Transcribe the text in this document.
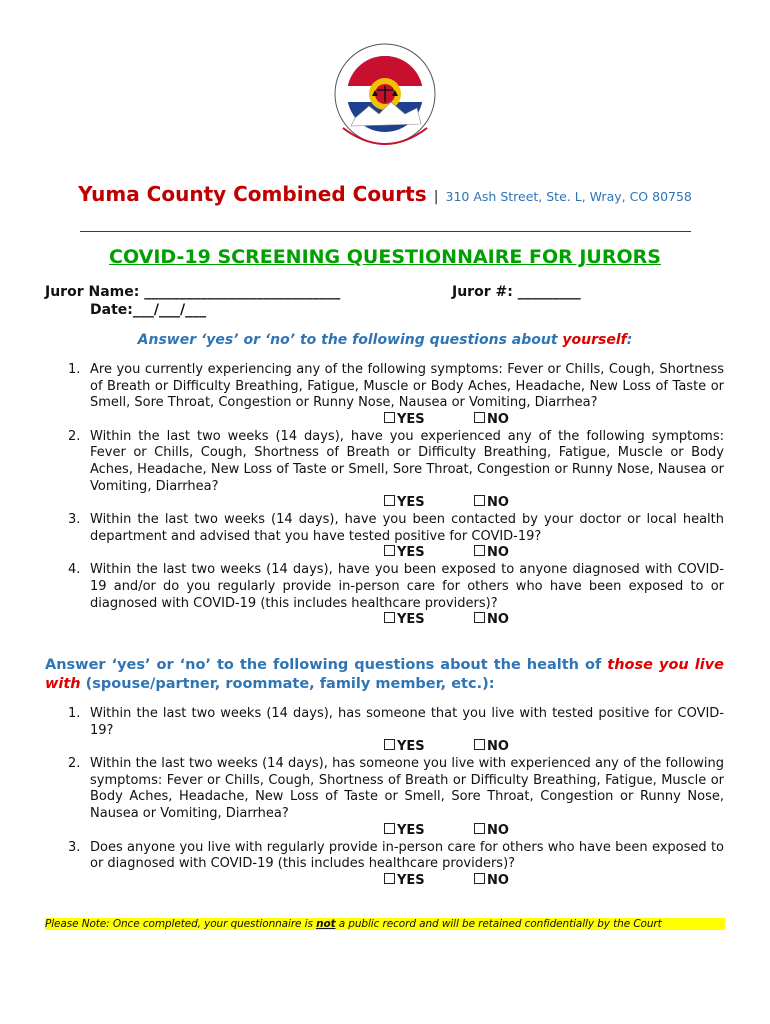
Yuma County Combined Courts | 310 Ash Street, Ste. L, Wray, CO 80758
COVID-19 SCREENING QUESTIONNAIRE FOR JURORS
Juror Name: ____________________________	Juror #: _________
Date:___/___/___
Answer ‘yes’ or ‘no’ to the following questions about yourself:
1. Are you currently experiencing any of the following symptoms: Fever or Chills, Cough, Shortness of Breath or Difficulty Breathing, Fatigue, Muscle or Body Aches, Headache, New Loss of Taste or Smell, Sore Throat, Congestion or Runny Nose, Nausea or Vomiting, Diarrhea?
YES	NO
2. Within the last two weeks (14 days), have you experienced any of the following symptoms: Fever or Chills, Cough, Shortness of Breath or Difficulty Breathing, Fatigue, Muscle or Body Aches, Headache, New Loss of Taste or Smell, Sore Throat, Congestion or Runny Nose, Nausea or Vomiting, Diarrhea?
YES	NO
3. Within the last two weeks (14 days), have you been contacted by your doctor or local health department and advised that you have tested positive for COVID-19?
YES	NO
4. Within the last two weeks (14 days), have you been exposed to anyone diagnosed with COVID-19 and/or do you regularly provide in-person care for others who have been exposed to or diagnosed with COVID-19 (this includes healthcare providers)?
YES	NO
Answer ‘yes’ or ‘no’ to the following questions about the health of those you live with (spouse/partner, roommate, family member, etc.):
1. Within the last two weeks (14 days), has someone that you live with tested positive for COVID-19?
YES	NO
2. Within the last two weeks (14 days), has someone you live with experienced any of the following symptoms: Fever or Chills, Cough, Shortness of Breath or Difficulty Breathing, Fatigue, Muscle or Body Aches, Headache, New Loss of Taste or Smell, Sore Throat, Congestion or Runny Nose, Nausea or Vomiting, Diarrhea?
YES	NO
3. Does anyone you live with regularly provide in-person care for others who have been exposed to or diagnosed with COVID-19 (this includes healthcare providers)?
YES	NO
Please Note: Once completed, your questionnaire is not a public record and will be retained confidentially by the Court
